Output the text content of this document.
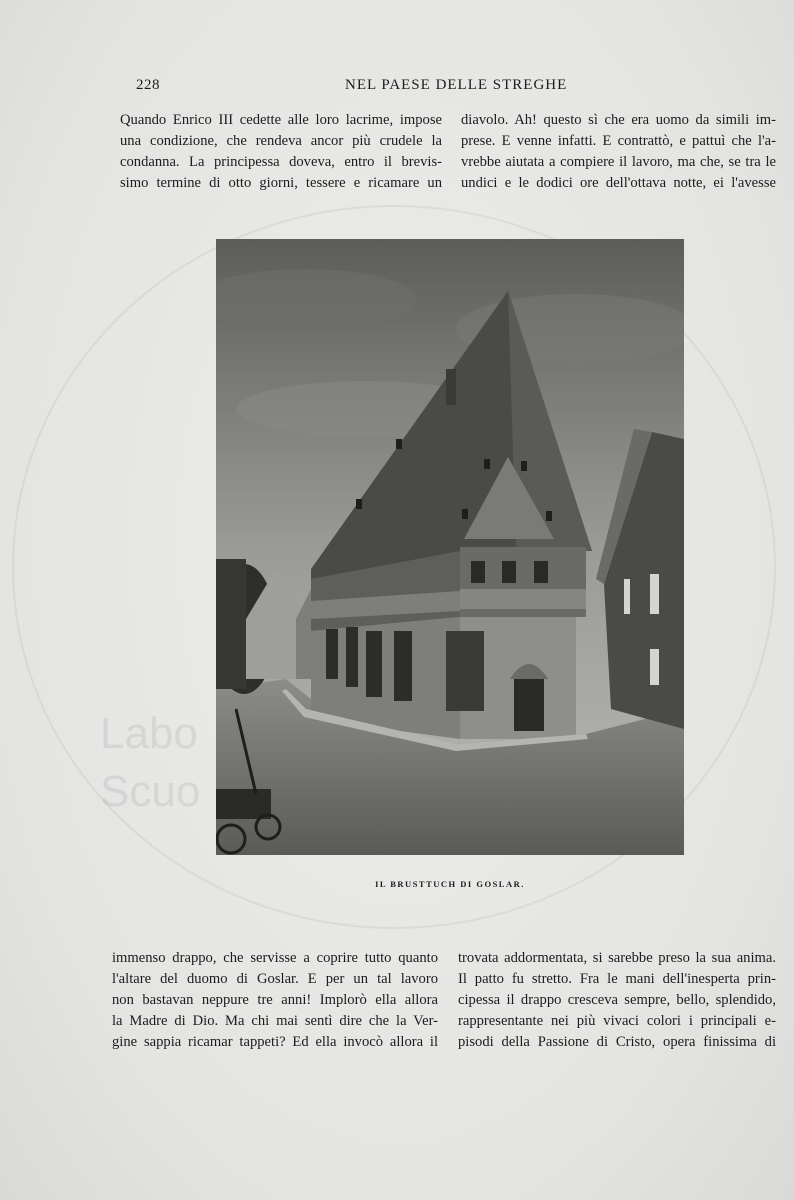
Labo
Scuo
228	NEL PAESE DELLE STREGHE
Quando Enrico III cedette alle loro lacrime, impose
una condizione, che rendeva ancor più crudele la
condanna. La principessa doveva, entro il brevis-
simo termine di otto giorni, tessere e ricamare un
diavolo. Ah! questo sì che era uomo da simili im-
prese. E venne infatti. E contrattò, e pattuì che l'a-
vrebbe aiutata a compiere il lavoro, ma che, se tra le
undici e le dodici ore dell'ottava notte, ei l'avesse
IL BRUSTTUCH DI GOSLAR.
immenso drappo, che servisse a coprire tutto quanto
l'altare del duomo di Goslar. E per un tal lavoro
non bastavan neppure tre anni! Implorò ella allora
la Madre di Dio. Ma chi mai sentì dire che la Ver-
gine sappia ricamar tappeti? Ed ella invocò allora il
trovata addormentata, si sarebbe preso la sua anima.
Il patto fu stretto. Fra le mani dell'inesperta prin-
cipessa il drappo cresceva sempre, bello, splendido,
rappresentante nei più vivaci colori i principali e-
pisodi della Passione di Cristo, opera finissima di
